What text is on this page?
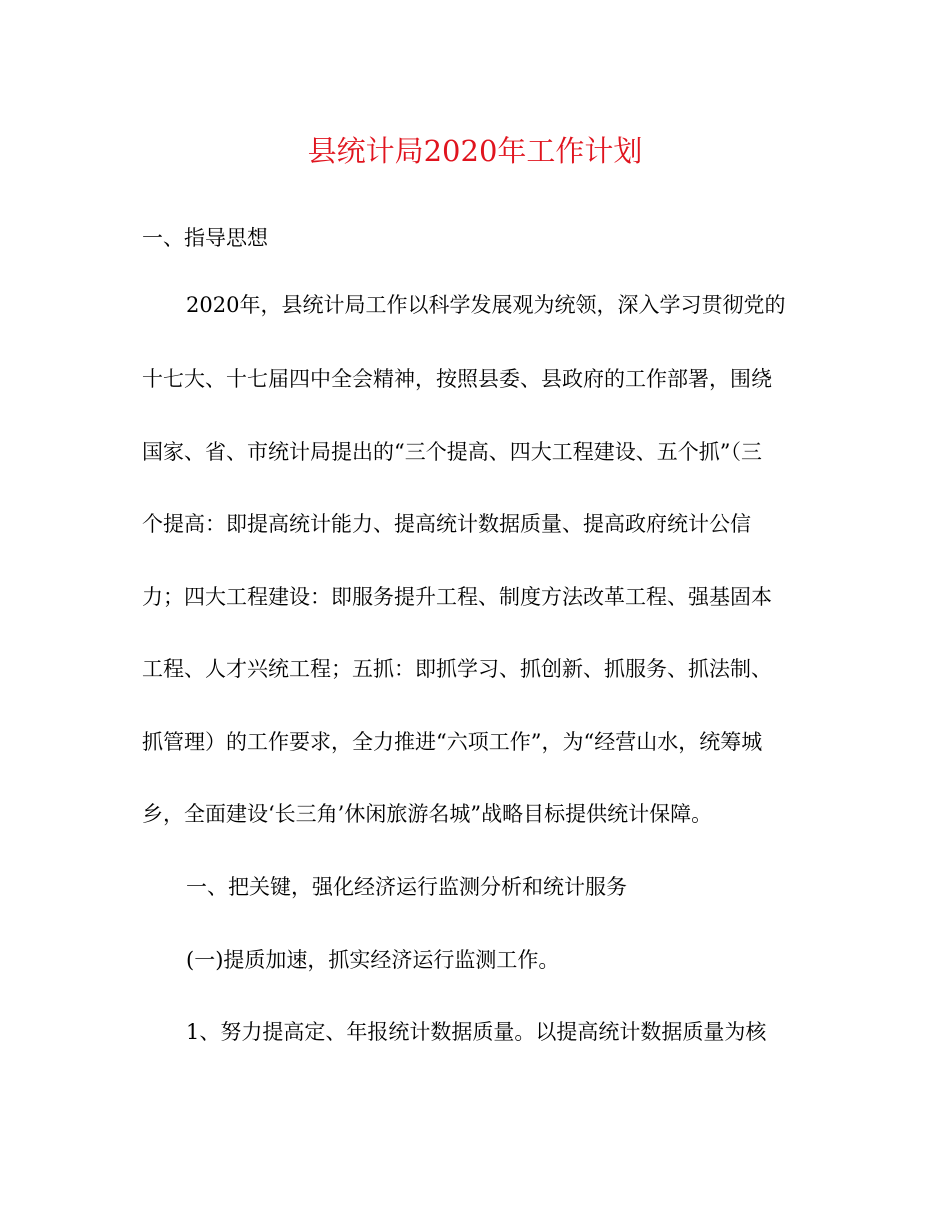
县统计局2020年工作计划
一、指导思想
2020年，县统计局工作以科学发展观为统领，深入学习贯彻党的
十七大、十七届四中全会精神，按照县委、县政府的工作部署，围绕
国家、省、市统计局提出的“三个提高、四大工程建设、五个抓”（三
个提高：即提高统计能力、提高统计数据质量、提高政府统计公信
力；四大工程建设：即服务提升工程、制度方法改革工程、强基固本
工程、人才兴统工程；五抓：即抓学习、抓创新、抓服务、抓法制、
抓管理）的工作要求，全力推进“六项工作”，为“经营山水，统筹城
乡，全面建设‘长三角’休闲旅游名城”战略目标提供统计保障。
一、把关键，强化经济运行监测分析和统计服务
(一)提质加速，抓实经济运行监测工作。
1、努力提高定、年报统计数据质量。以提高统计数据质量为核
